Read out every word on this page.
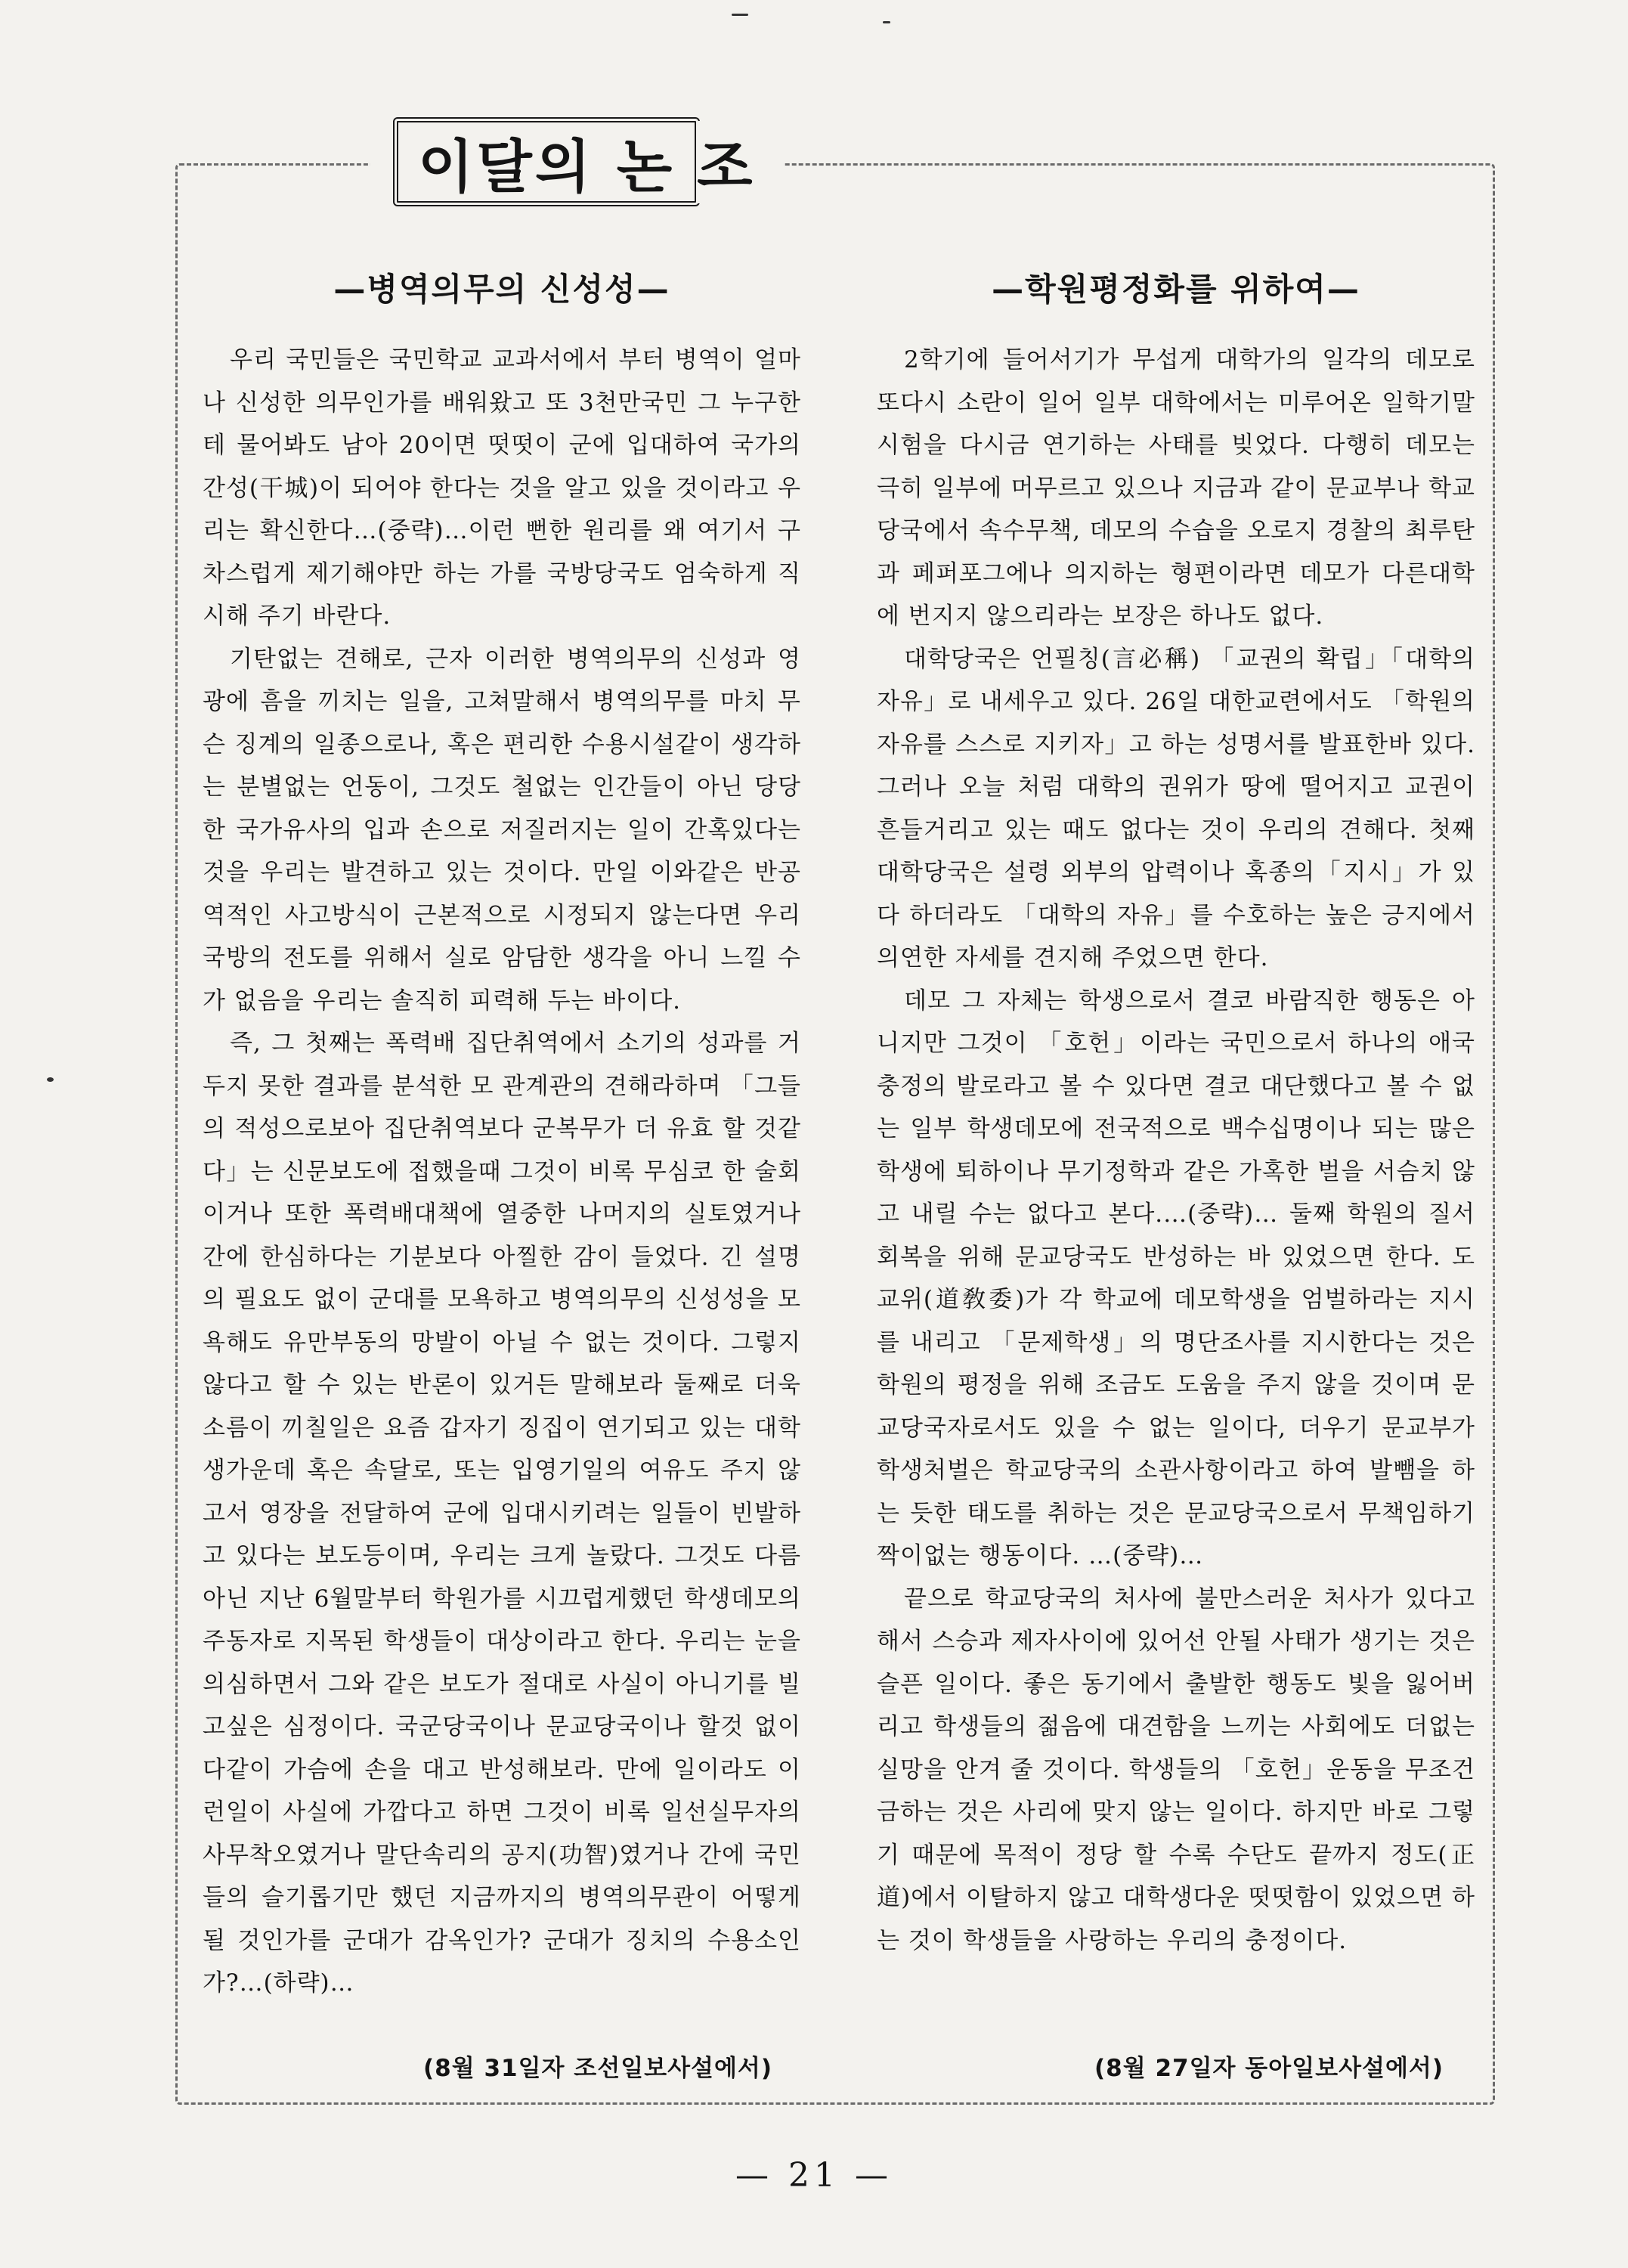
이달의 논 조
—병역의무의 신성성—

우리 국민들은 국민학교 교과서에서 부터 병역이 얼마나 신성한 의무인가를 배워왔고 또 3천만국민 그 누구한테 물어봐도 남아 20이면 떳떳이 군에 입대하여 국가의 간성(干城)이 되어야 한다는 것을 알고 있을 것이라고 우리는 확신한다…(중략)…이런 뻔한 원리를 왜 여기서 구차스럽게 제기해야만 하는 가를 국방당국도 엄숙하게 직시해 주기 바란다.

기탄없는 견해로, 근자 이러한 병역의무의 신성과 영광에 흠을 끼치는 일을, 고쳐말해서 병역의무를 마치 무슨 징계의 일종으로나, 혹은 편리한 수용시설같이 생각하는 분별없는 언동이, 그것도 철없는 인간들이 아닌 당당한 국가유사의 입과 손으로 저질러지는 일이 간혹있다는 것을 우리는 발견하고 있는 것이다. 만일 이와같은 반공역적인 사고방식이 근본적으로 시정되지 않는다면 우리 국방의 전도를 위해서 실로 암담한 생각을 아니 느낄 수가 없음을 우리는 솔직히 피력해 두는 바이다.

즉, 그 첫째는 폭력배 집단취역에서 소기의 성과를 거두지 못한 결과를 분석한 모 관계관의 견해라하며 「그들의 적성으로보아 집단취역보다 군복무가 더 유효 할 것같다」는 신문보도에 접했을때 그것이 비록 무심코 한 술회이거나 또한 폭력배대책에 열중한 나머지의 실토였거나간에 한심하다는 기분보다 아찔한 감이 들었다. 긴 설명의 필요도 없이 군대를 모욕하고 병역의무의 신성성을 모욕해도 유만부동의 망발이 아닐 수 없는 것이다. 그렇지 않다고 할 수 있는 반론이 있거든 말해보라 둘째로 더욱 소름이 끼칠일은 요즘 갑자기 징집이 연기되고 있는 대학생가운데 혹은 속달로, 또는 입영기일의 여유도 주지 않고서 영장을 전달하여 군에 입대시키려는 일들이 빈발하고 있다는 보도등이며, 우리는 크게 놀랐다. 그것도 다름아닌 지난 6월말부터 학원가를 시끄럽게했던 학생데모의 주동자로 지목된 학생들이 대상이라고 한다. 우리는 눈을 의심하면서 그와 같은 보도가 절대로 사실이 아니기를 빌고싶은 심정이다. 국군당국이나 문교당국이나 할것 없이 다같이 가슴에 손을 대고 반성해보라. 만에 일이라도 이런일이 사실에 가깝다고 하면 그것이 비록 일선실무자의 사무착오였거나 말단속리의 공지(功智)였거나 간에 국민들의 슬기롭기만 했던 지금까지의 병역의무관이 어떻게 될 것인가를 군대가 감옥인가? 군대가 징치의 수용소인가?…(하략)…

—학원평정화를 위하여—

2학기에 들어서기가 무섭게 대학가의 일각의 데모로 또다시 소란이 일어 일부 대학에서는 미루어온 일학기말시험을 다시금 연기하는 사태를 빚었다. 다행히 데모는 극히 일부에 머무르고 있으나 지금과 같이 문교부나 학교당국에서 속수무책, 데모의 수습을 오로지 경찰의 최루탄과 페퍼포그에나 의지하는 형편이라면 데모가 다른대학에 번지지 않으리라는 보장은 하나도 없다.

대학당국은 언필칭(言必稱) 「교권의 확립」「대학의 자유」로 내세우고 있다. 26일 대한교련에서도 「학원의 자유를 스스로 지키자」고 하는 성명서를 발표한바 있다. 그러나 오늘 처럼 대학의 권위가 땅에 떨어지고 교권이 흔들거리고 있는 때도 없다는 것이 우리의 견해다. 첫째 대학당국은 설령 외부의 압력이나 혹종의「지시」가 있다 하더라도 「대학의 자유」를 수호하는 높은 긍지에서 의연한 자세를 견지해 주었으면 한다.

데모 그 자체는 학생으로서 결코 바람직한 행동은 아니지만 그것이 「호헌」이라는 국민으로서 하나의 애국충정의 발로라고 볼 수 있다면 결코 대단했다고 볼 수 없는 일부 학생데모에 전국적으로 백수십명이나 되는 많은 학생에 퇴하이나 무기정학과 같은 가혹한 벌을 서슴치 않고 내릴 수는 없다고 본다.…(중략)… 둘째 학원의 질서회복을 위해 문교당국도 반성하는 바 있었으면 한다. 도교위(道敎委)가 각 학교에 데모학생을 엄벌하라는 지시를 내리고 「문제학생」의 명단조사를 지시한다는 것은 학원의 평정을 위해 조금도 도움을 주지 않을 것이며 문교당국자로서도 있을 수 없는 일이다, 더우기 문교부가 학생처벌은 학교당국의 소관사항이라고 하여 발뺌을 하는 듯한 태도를 취하는 것은 문교당국으로서 무책임하기 짝이없는 행동이다. …(중략)…

끝으로 학교당국의 처사에 불만스러운 처사가 있다고해서 스승과 제자사이에 있어선 안될 사태가 생기는 것은 슬픈 일이다. 좋은 동기에서 출발한 행동도 빛을 잃어버리고 학생들의 젊음에 대견함을 느끼는 사회에도 더없는 실망을 안겨 줄 것이다. 학생들의 「호헌」운동을 무조건 금하는 것은 사리에 맞지 않는 일이다. 하지만 바로 그렇기 때문에 목적이 정당 할 수록 수단도 끝까지 정도(正道)에서 이탈하지 않고 대학생다운 떳떳함이 있었으면 하는 것이 학생들을 사랑하는 우리의 충정이다.

(8월 31일자 조선일보사설에서)	(8월 27일자 동아일보사설에서)
— 21 —
